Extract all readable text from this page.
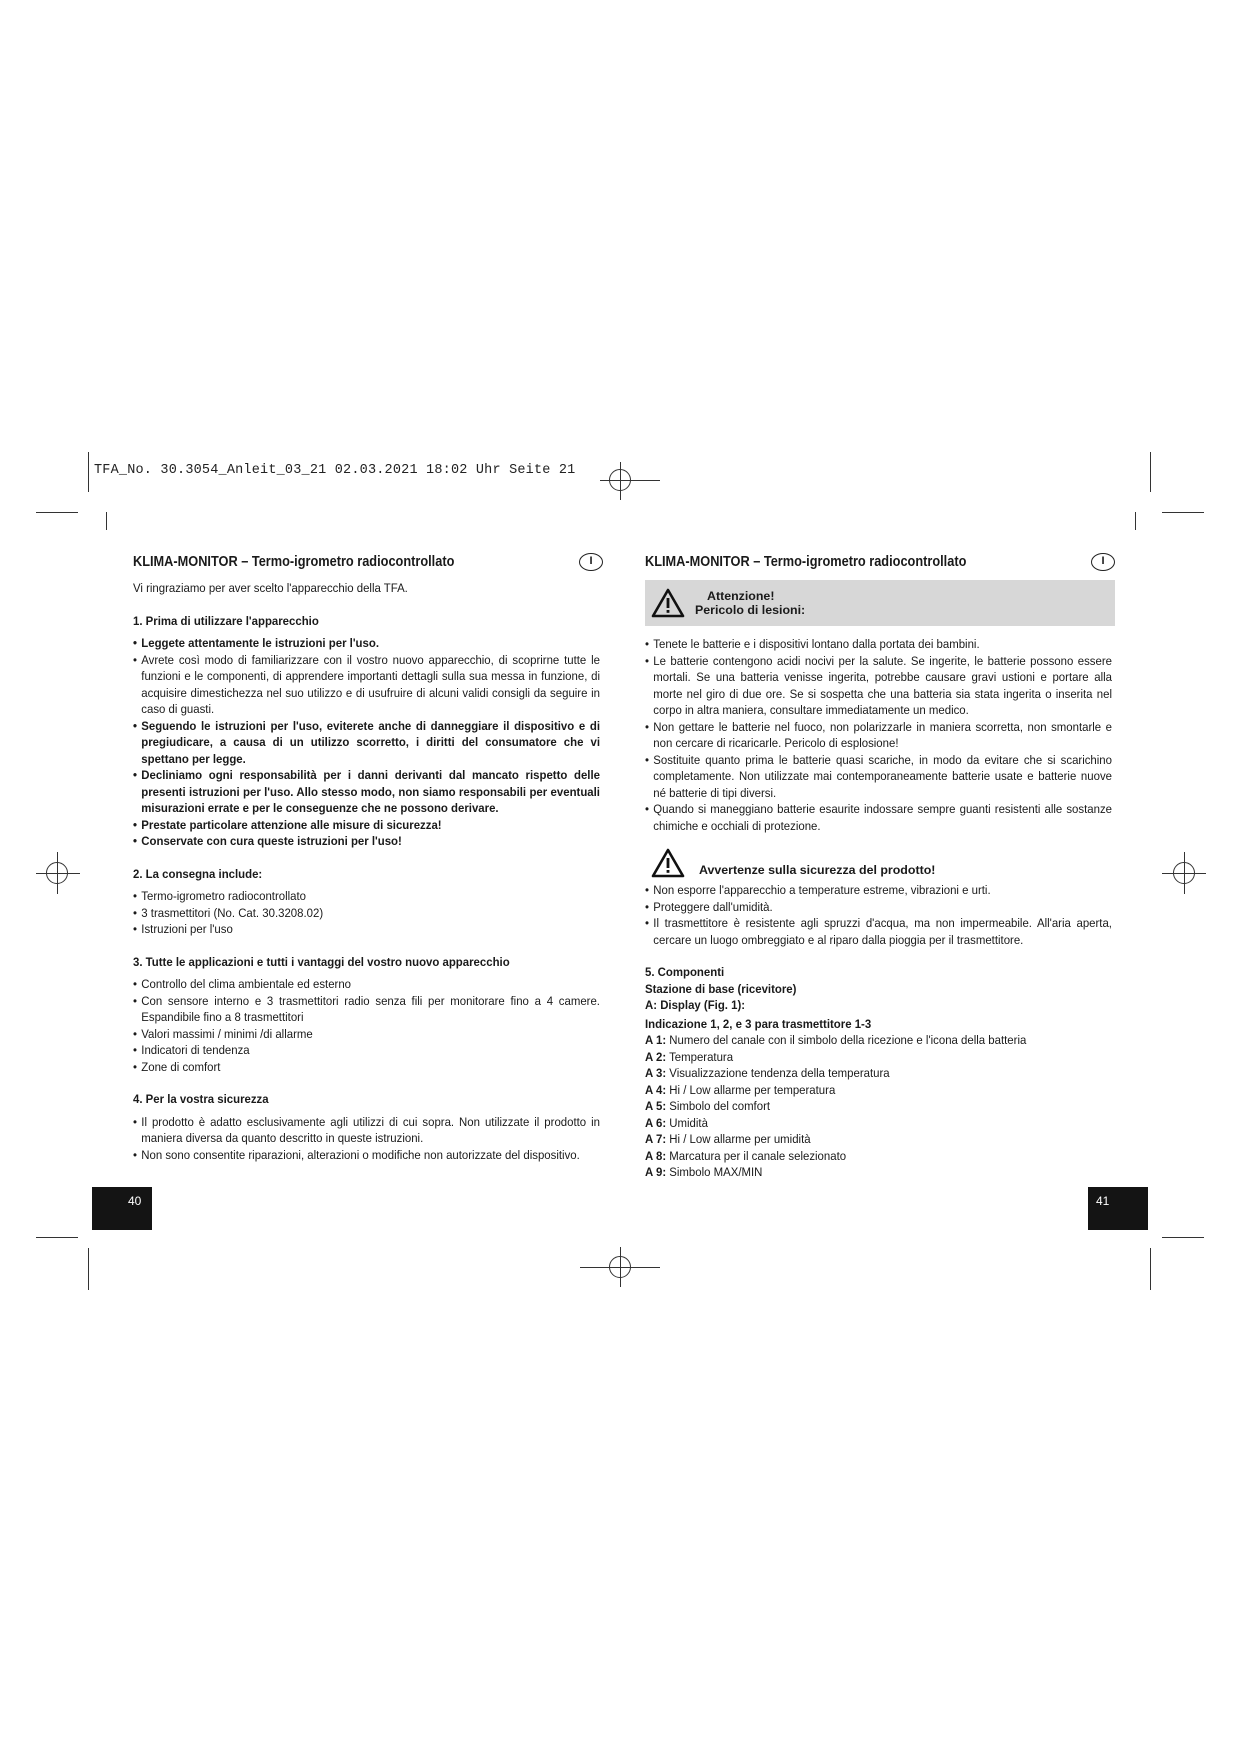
TFA_No. 30.3054_Anleit_03_21 02.03.2021 18:02 Uhr Seite 21
KLIMA-MONITOR – Termo-igrometro radiocontrollato	I

Vi ringraziamo per aver scelto l'apparecchio della TFA.

1. Prima di utilizzare l'apparecchio
• Leggete attentamente le istruzioni per l'uso.
• Avrete così modo di familiarizzare con il vostro nuovo apparecchio, di scoprirne tutte le funzioni e le componenti, di apprendere importanti dettagli sulla sua messa in funzione, di acquisire dimestichezza nel suo utilizzo e di usufruire di alcuni validi consigli da seguire in caso di guasti.
• Seguendo le istruzioni per l'uso, eviterete anche di danneggiare il dispositivo e di pregiudicare, a causa di un utilizzo scorretto, i diritti del consumatore che vi spettano per legge.
• Decliniamo ogni responsabilità per i danni derivanti dal mancato rispetto delle presenti istruzioni per l'uso. Allo stesso modo, non siamo responsabili per eventuali misurazioni errate e per le conseguenze che ne possono derivare.
• Prestate particolare attenzione alle misure di sicurezza!
• Conservate con cura queste istruzioni per l'uso!
2. La consegna include:
• Termo-igrometro radiocontrollato
• 3 trasmettitori (No. Cat. 30.3208.02)
• Istruzioni per l'uso
3. Tutte le applicazioni e tutti i vantaggi del vostro nuovo apparecchio
• Controllo del clima ambientale ed esterno
• Con sensore interno e 3 trasmettitori radio senza fili per monitorare fino a 4 camere. Espandibile fino a 8 trasmettitori
• Valori massimi / minimi /di allarme
• Indicatori di tendenza
• Zone di comfort
4. Per la vostra sicurezza
• Il prodotto è adatto esclusivamente agli utilizzi di cui sopra. Non utilizzate il prodotto in maniera diversa da quanto descritto in queste istruzioni.
• Non sono consentite riparazioni, alterazioni o modifiche non autorizzate del dispositivo.
KLIMA-MONITOR – Termo-igrometro radiocontrollato	I
Attenzione!
Pericolo di lesioni:
• Tenete le batterie e i dispositivi lontano dalla portata dei bambini.
• Le batterie contengono acidi nocivi per la salute. Se ingerite, le batterie possono essere mortali. Se una batteria venisse ingerita, potrebbe causare gravi ustioni e portare alla morte nel giro di due ore. Se si sospetta che una batteria sia stata ingerita o inserita nel corpo in altra maniera, consultare immediatamente un medico.
• Non gettare le batterie nel fuoco, non polarizzarle in maniera scorretta, non smontarle e non cercare di ricaricarle. Pericolo di esplosione!
• Sostituite quanto prima le batterie quasi scariche, in modo da evitare che si scarichino completamente. Non utilizzate mai contemporaneamente batterie usate e batterie nuove né batterie di tipi diversi.
• Quando si maneggiano batterie esaurite indossare sempre guanti resistenti alle sostanze chimiche e occhiali di protezione.
Avvertenze sulla sicurezza del prodotto!
• Non esporre l'apparecchio a temperature estreme, vibrazioni e urti.
• Proteggere dall'umidità.
• Il trasmettitore è resistente agli spruzzi d'acqua, ma non impermeabile. All'aria aperta, cercare un luogo ombreggiato e al riparo dalla pioggia per il trasmettitore.

5. Componenti

Stazione di base (ricevitore)

A: Display (Fig. 1):

Indicazione 1, 2, e 3 para trasmettitore 1-3

A 1: Numero del canale con il simbolo della ricezione e l'icona della batteria

A 2: Temperatura

A 3: Visualizzazione tendenza della temperatura

A 4: Hi / Low allarme per temperatura

A 5: Simbolo del comfort

A 6: Umidità

A 7: Hi / Low allarme per umidità

A 8: Marcatura per il canale selezionato

A 9: Simbolo MAX/MIN

40	41
